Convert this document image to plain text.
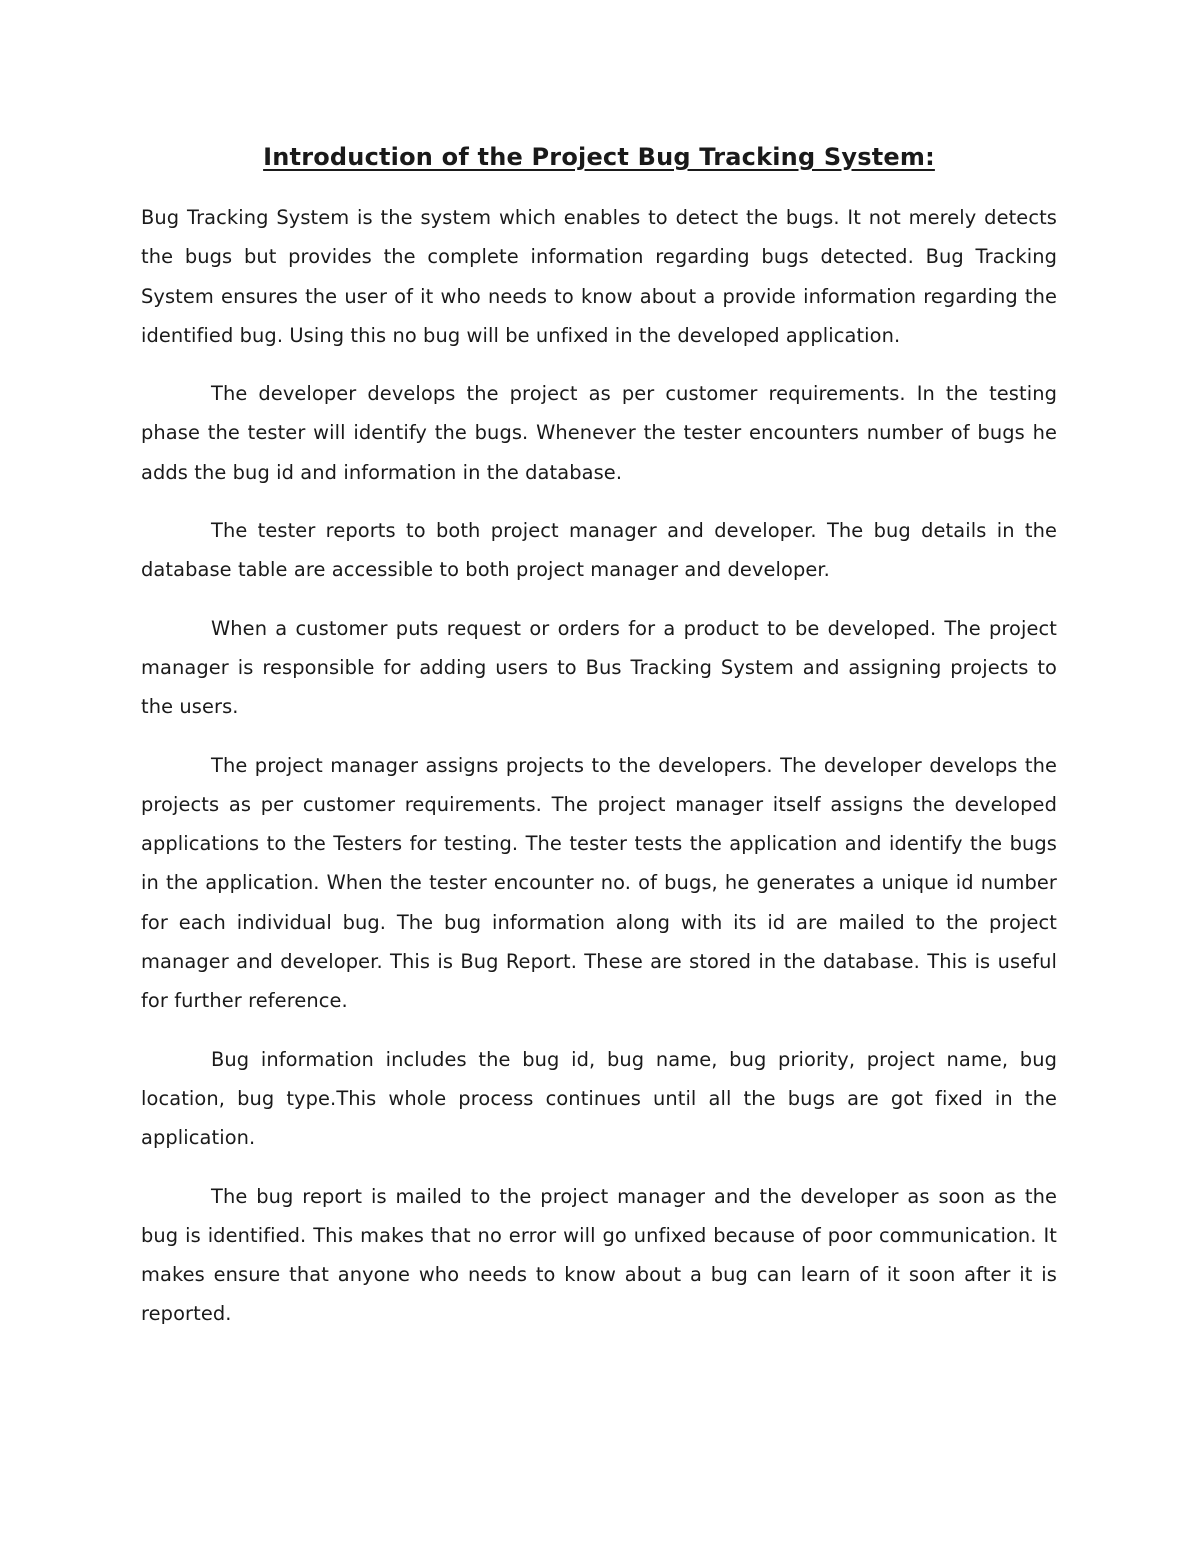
Introduction of the Project Bug Tracking System:

Bug Tracking System is the system which enables to detect the bugs. It not merely detects the bugs but provides the complete information regarding bugs detected. Bug Tracking System ensures the user of it who needs to know about a provide information regarding the identified bug. Using this no bug will be unfixed in the developed application.

The developer develops the project as per customer requirements. In the testing phase the tester will identify the bugs. Whenever the tester encounters number of bugs he adds the bug id and information in the database.

The tester reports to both project manager and developer. The bug details in the database table are accessible to both project manager and developer.

When a customer puts request or orders for a product to be developed. The project manager is responsible for adding users to Bus Tracking System and assigning projects to the users.

The project manager assigns projects to the developers. The developer develops the projects as per customer requirements. The project manager itself assigns the developed applications to the Testers for testing. The tester tests the application and identify the bugs in the application. When the tester encounter no. of bugs, he generates a unique id number for each individual bug. The bug information along with its id are mailed to the project manager and developer. This is Bug Report. These are stored in the database. This is useful for further reference.

Bug information includes the bug id, bug name, bug priority, project name, bug location, bug type.This whole process continues until all the bugs are got fixed in the application.

The bug report is mailed to the project manager and the developer as soon as the bug is identified. This makes that no error will go unfixed because of poor communication. It makes ensure that anyone who needs to know about a bug can learn of it soon after it is reported.
